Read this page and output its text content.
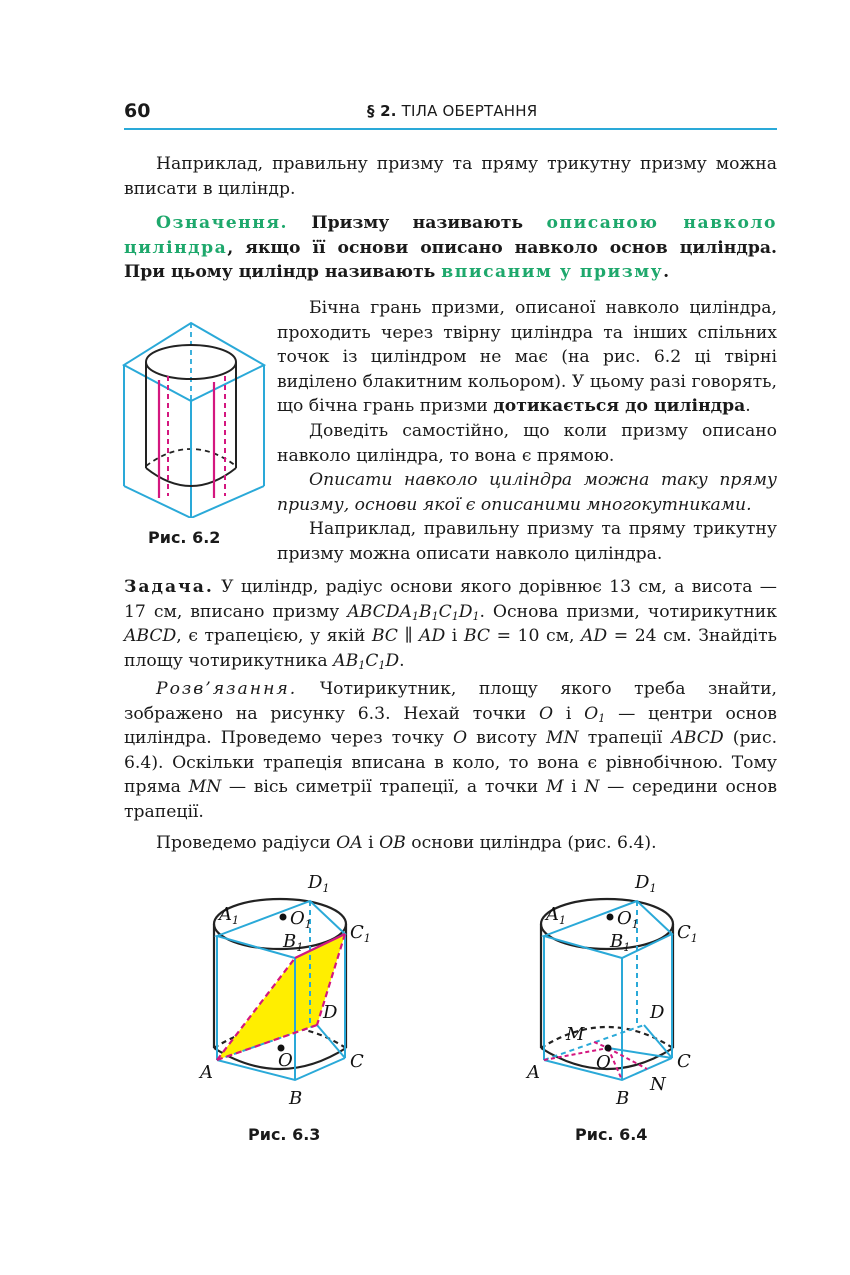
60	§ 2. ТІЛА ОБЕРТАННЯ

Наприклад, правильну призму та пряму трикутну призму можна вписати в циліндр.

Означення. Призму називають описаною навколо циліндра, якщо її основи описано навколо основ циліндра. При цьому циліндр називають вписаним у призму.

Рис. 6.2

Бічна грань призми, описаної навколо циліндра, проходить через твірну циліндра та інших спільних точок із циліндром не має (на рис. 6.2 ці твірні виділено блакитним кольором). У цьому разі говорять, що бічна грань призми дотикається до циліндра.

Доведіть самостійно, що коли призму описано навколо циліндра, то вона є прямою.

Описати навколо циліндра можна таку пряму призму, основи якої є описаними многокутниками.

Наприклад, правильну призму та пряму трикутну призму можна описати навколо циліндра.

Задача. У циліндр, радіус основи якого дорівнює 13 см, а висота — 17 см, вписано призму $ABCDA_1B_1C_1D_1$. Основа призми, чотирикутник ABCD, є трапецією, у якій BC ∥ AD і BC = 10 см, AD = 24 см. Знайдіть площу чотирикутника $AB_1C_1D$.

Розв’язання. Чотирикутник, площу якого треба знайти, зображено на рисунку 6.3. Нехай точки O і $O_1$ — центри основ циліндра. Проведемо через точку O висоту MN трапеції ABCD (рис. 6.4). Оскільки трапеція вписана в коло, то вона є рівнобічною. Тому пряма MN — вісь симетрії трапеції, а точки M і N — середини основ трапеції.

Проведемо радіуси OA і OB основи циліндра (рис. 6.4).

$A_1$	$O_1$
$B_1$
$C_1$
$D_1$
D
A
O
B
C
Рис. 6.3
$A_1$	$O_1$
$B_1$
$C_1$
$D_1$
D
M
A	O
B
C
N
Рис. 6.4
